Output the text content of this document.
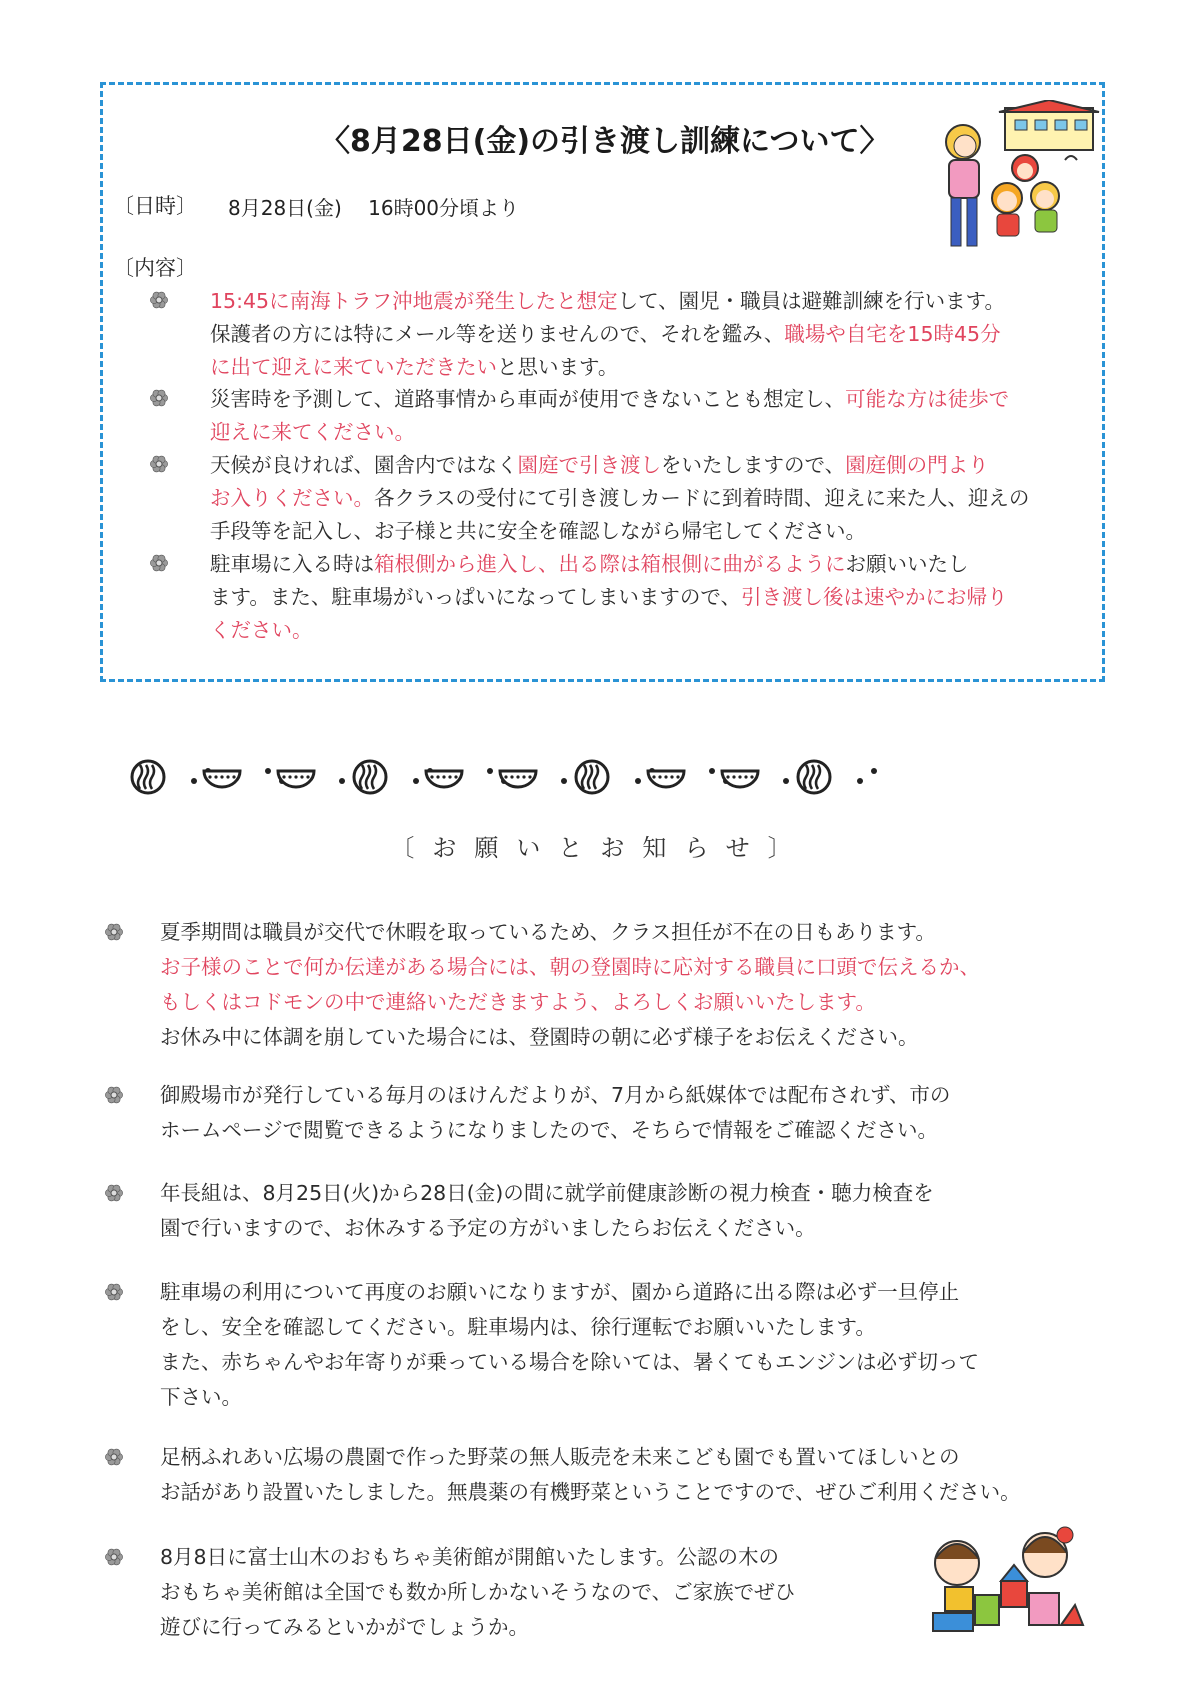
〈8月28日(金)の引き渡し訓練について〉
〔日時〕 8月28日(金)　 16時00分頃より
〔内容〕
15:45に南海トラフ沖地震が発生したと想定して、園児・職員は避難訓練を行います。
保護者の方には特にメール等を送りませんので、それを鑑み、職場や自宅を15時45分
に出て迎えに来ていただきたいと思います。
災害時を予測して、道路事情から車両が使用できないことも想定し、可能な方は徒歩で
迎えに来てください。
天候が良ければ、園舎内ではなく園庭で引き渡しをいたしますので、園庭側の門より
お入りください。各クラスの受付にて引き渡しカードに到着時間、迎えに来た人、迎えの
手段等を記入し、お子様と共に安全を確認しながら帰宅してください。
駐車場に入る時は箱根側から進入し、出る際は箱根側に曲がるようにお願いいたし
ます。また、駐車場がいっぱいになってしまいますので、引き渡し後は速やかにお帰り
ください。
〔お願いとお知らせ〕
夏季期間は職員が交代で休暇を取っているため、クラス担任が不在の日もあります。
お子様のことで何か伝達がある場合には、朝の登園時に応対する職員に口頭で伝えるか、
もしくはコドモンの中で連絡いただきますよう、よろしくお願いいたします。
お休み中に体調を崩していた場合には、登園時の朝に必ず様子をお伝えください。
御殿場市が発行している毎月のほけんだよりが、7月から紙媒体では配布されず、市の
ホームページで閲覧できるようになりましたので、そちらで情報をご確認ください。
年長組は、8月25日(火)から28日(金)の間に就学前健康診断の視力検査・聴力検査を
園で行いますので、お休みする予定の方がいましたらお伝えください。
駐車場の利用について再度のお願いになりますが、園から道路に出る際は必ず一旦停止
をし、安全を確認してください。駐車場内は、徐行運転でお願いいたします。
また、赤ちゃんやお年寄りが乗っている場合を除いては、暑くてもエンジンは必ず切って
下さい。
足柄ふれあい広場の農園で作った野菜の無人販売を未来こども園でも置いてほしいとの
お話があり設置いたしました。無農薬の有機野菜ということですので、ぜひご利用ください。
8月8日に富士山木のおもちゃ美術館が開館いたします。公認の木の
おもちゃ美術館は全国でも数か所しかないそうなので、ご家族でぜひ
遊びに行ってみるといかがでしょうか。
